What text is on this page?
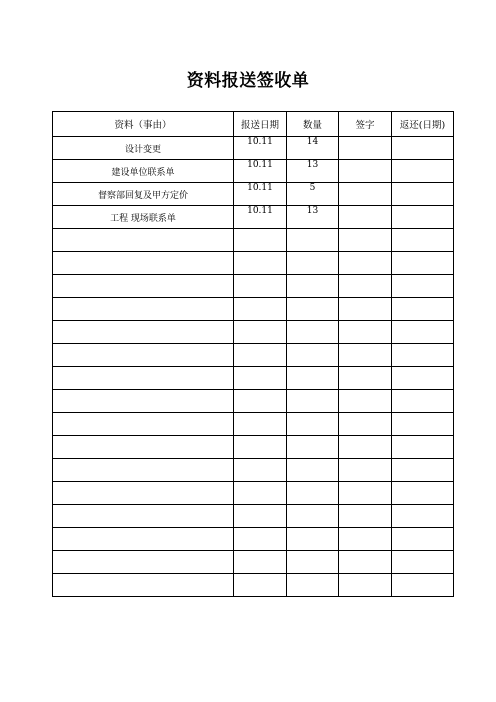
资料报送签收单
资料（事由）	报送日期	数量	签字	返还(日期)
设计变更	10.11	14		
建设单位联系单	10.11	13		
督察部回复及甲方定价	10.11	5		
工程 现场联系单	10.11	13		
